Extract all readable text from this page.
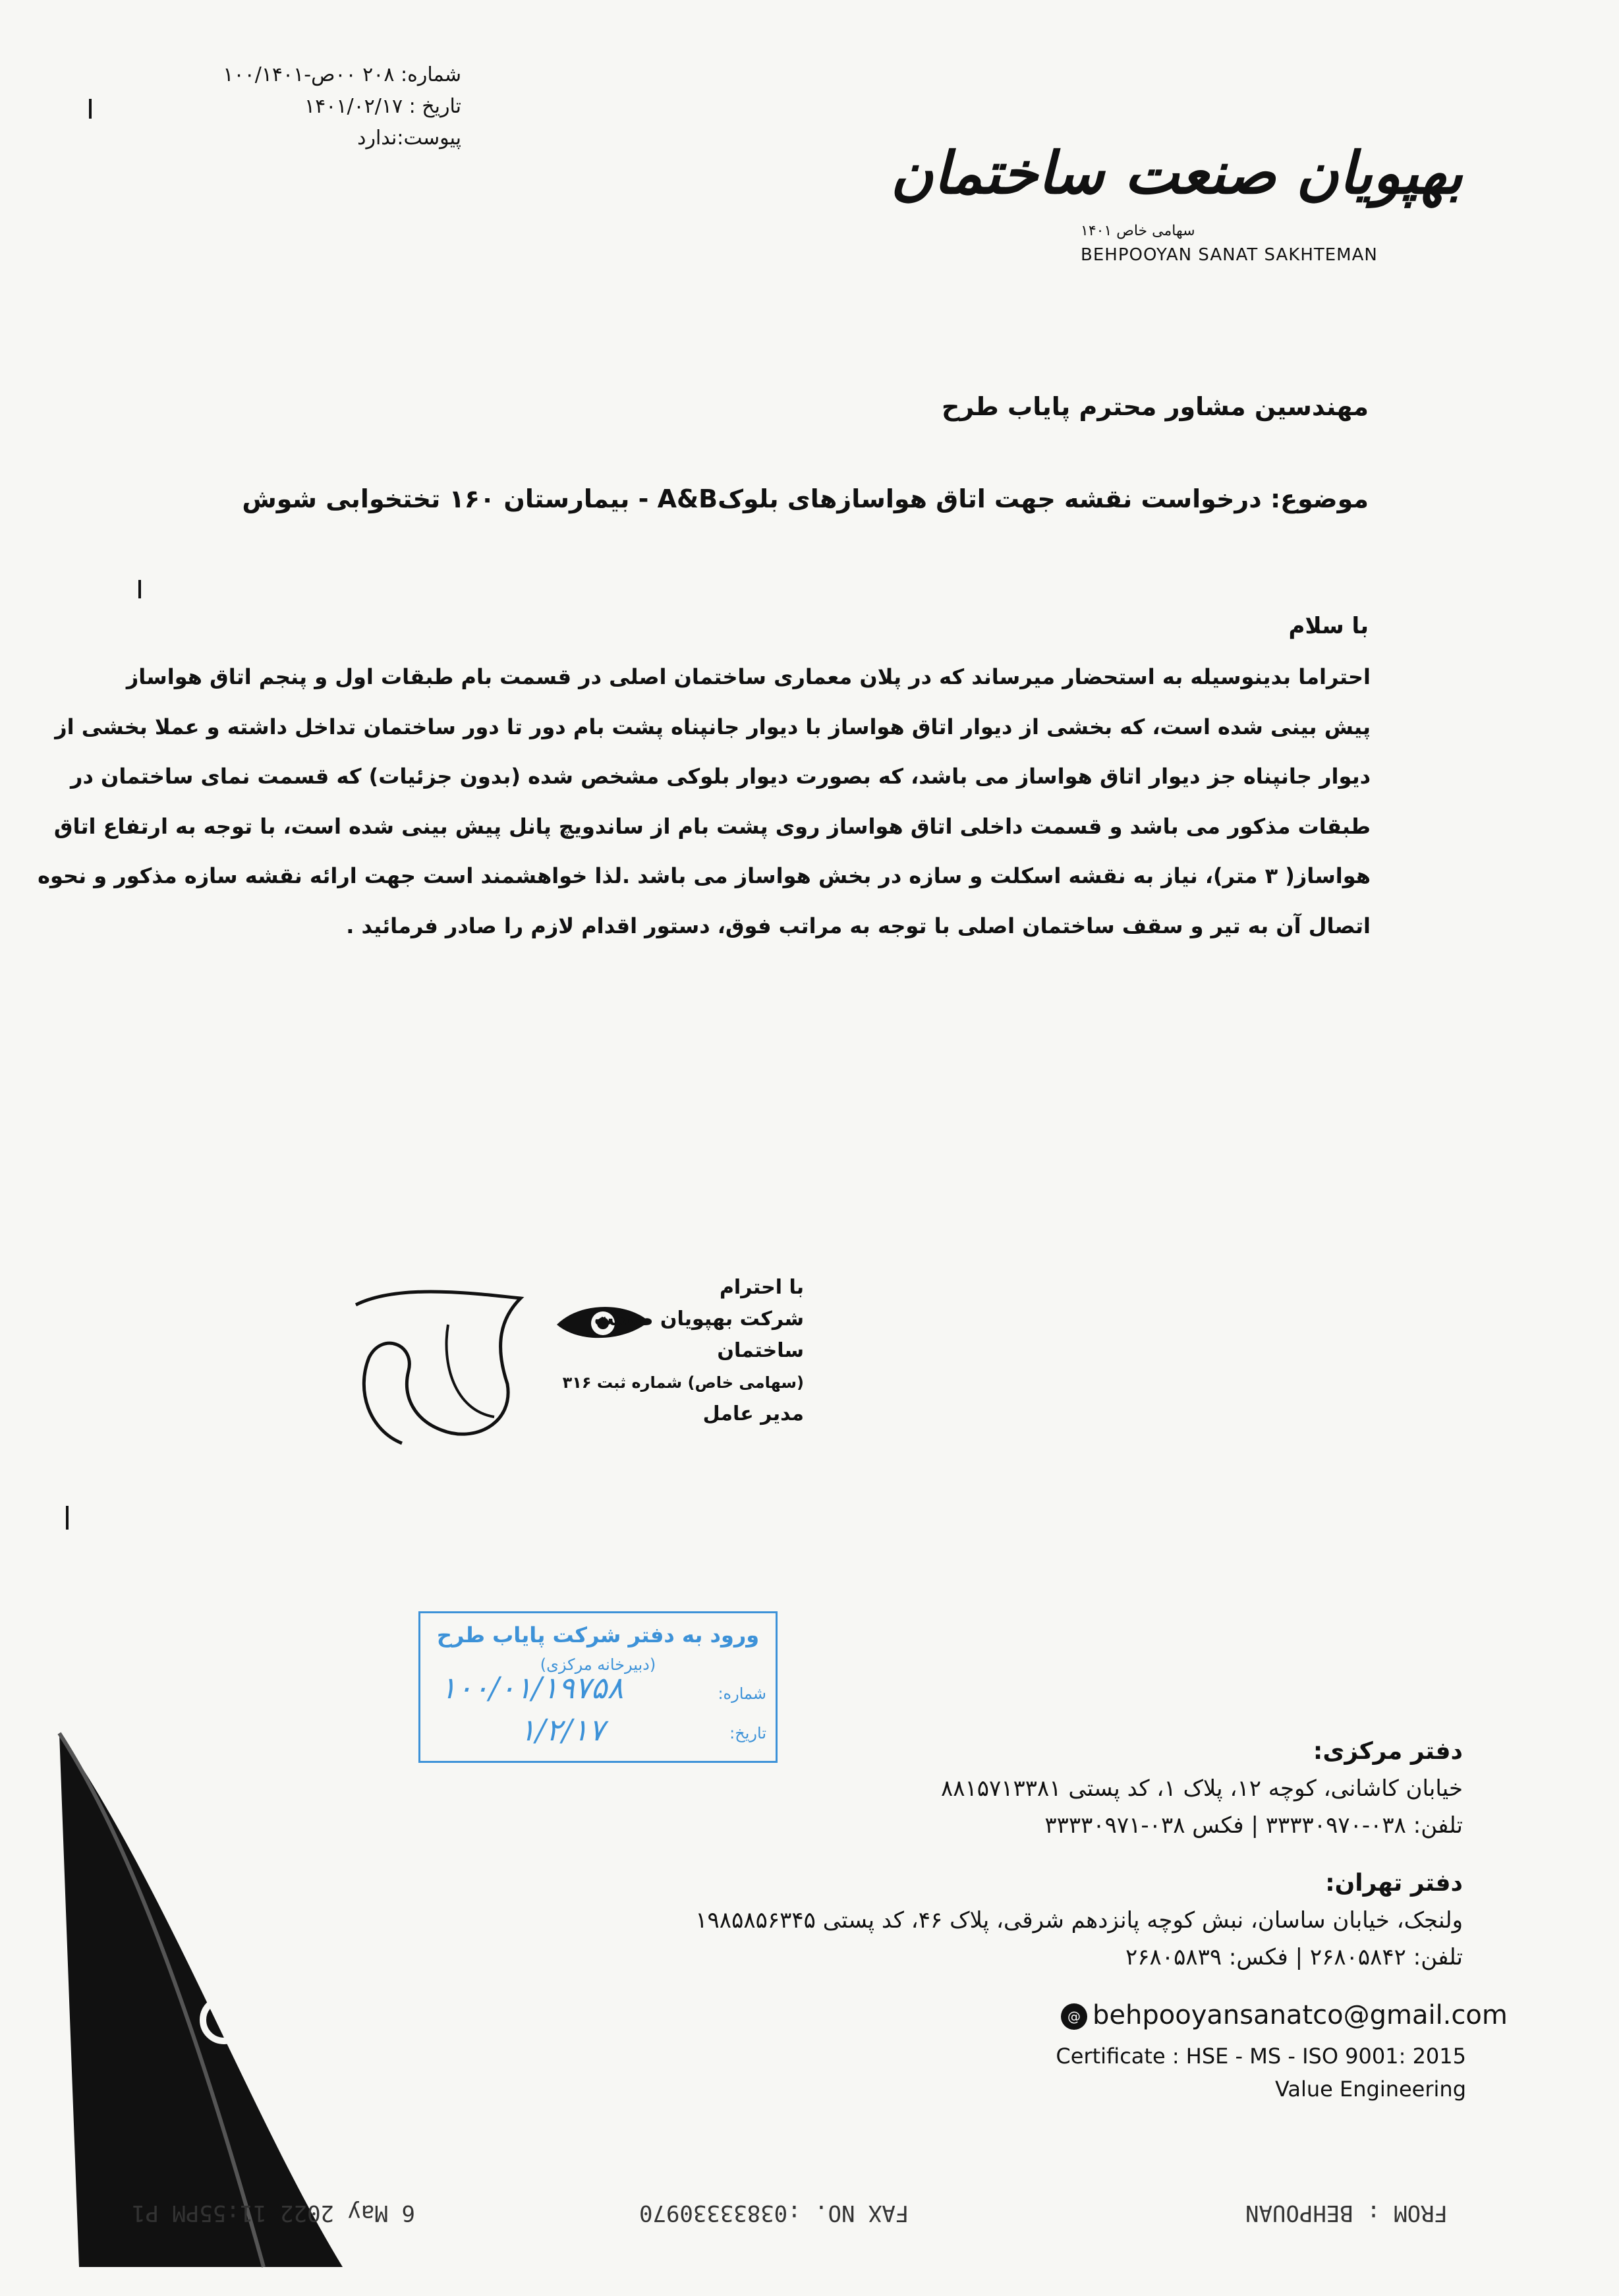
شماره: ۲۰۸ ۰۰ص-۱۰۰/۱۴۰۱
تاریخ : ۱۴۰۱/۰۲/۱۷
پیوست:ندارد
بهپویان صنعت ساختمان
سهامی خاص ۱۴۰۱
BEHPOOYAN SANAT SAKHTEMAN
مهندسین مشاور محترم پایاب طرح
موضوع: درخواست نقشه جهت اتاق هواسازهای بلوکA&B - بیمارستان ۱۶۰ تختخوابی شوش
با سلام
احتراما بدینوسیله به استحضار میرساند که در پلان معماری ساختمان اصلی در قسمت بام طبقات اول و پنجم اتاق هواساز
پیش بینی شده است، که بخشی از دیوار اتاق هواساز با دیوار جانپناه پشت بام دور تا دور ساختمان تداخل داشته و عملا بخشی از
دیوار جانپناه جز دیوار اتاق هواساز می باشد، که بصورت دیوار بلوکی مشخص شده (بدون جزئیات) که قسمت نمای ساختمان در
طبقات مذکور می باشد و قسمت داخلی اتاق هواساز روی پشت بام از ساندویچ پانل پیش بینی شده است، با توجه به ارتفاع اتاق
هواساز( ۳ متر)، نیاز به نقشه اسکلت و سازه در بخش هواساز می باشد .لذا خواهشمند است جهت ارائه نقشه سازه مذکور و نحوه
اتصال آن به تیر و سقف ساختمان اصلی با توجه به مراتب فوق، دستور اقدام لازم را صادر فرمائید .
با احترام
شرکت بهپویان صنعت ساختمان
(سهامی خاص) شماره ثبت ۳۱۶
مدیر عامل
ورود به دفتر شرکت پایاب طرح
(دبیرخانه مرکزی)
شماره:
۱۰۰/۰۱/۱۹۷۵۸
تاریخ:
۱/۲/۱۷
دفتر مرکزی:
خیابان کاشانی، کوچه ۱۲، پلاک ۱، کد پستی ۸۸۱۵۷۱۳۳۸۱
تلفن: ۰۳۸-۳۳۳۳۰۹۷۰ | فکس ۰۳۸-۳۳۳۳۰۹۷۱
دفتر تهران:
ولنجک، خیابان ساسان، نبش کوچه پانزدهم شرقی، پلاک ۴۶، کد پستی ۱۹۸۵۸۵۶۳۴۵
تلفن: ۲۶۸۰۵۸۴۲ | فکس: ۲۶۸۰۵۸۳۹
@ behpooyansanatco@gmail.com
Certificate : HSE - MS - ISO 9001: 2015
Value Engineering
FROM : BEHPOUAN
FAX NO. :03833330970
6 May 2022 11:55PM P1
